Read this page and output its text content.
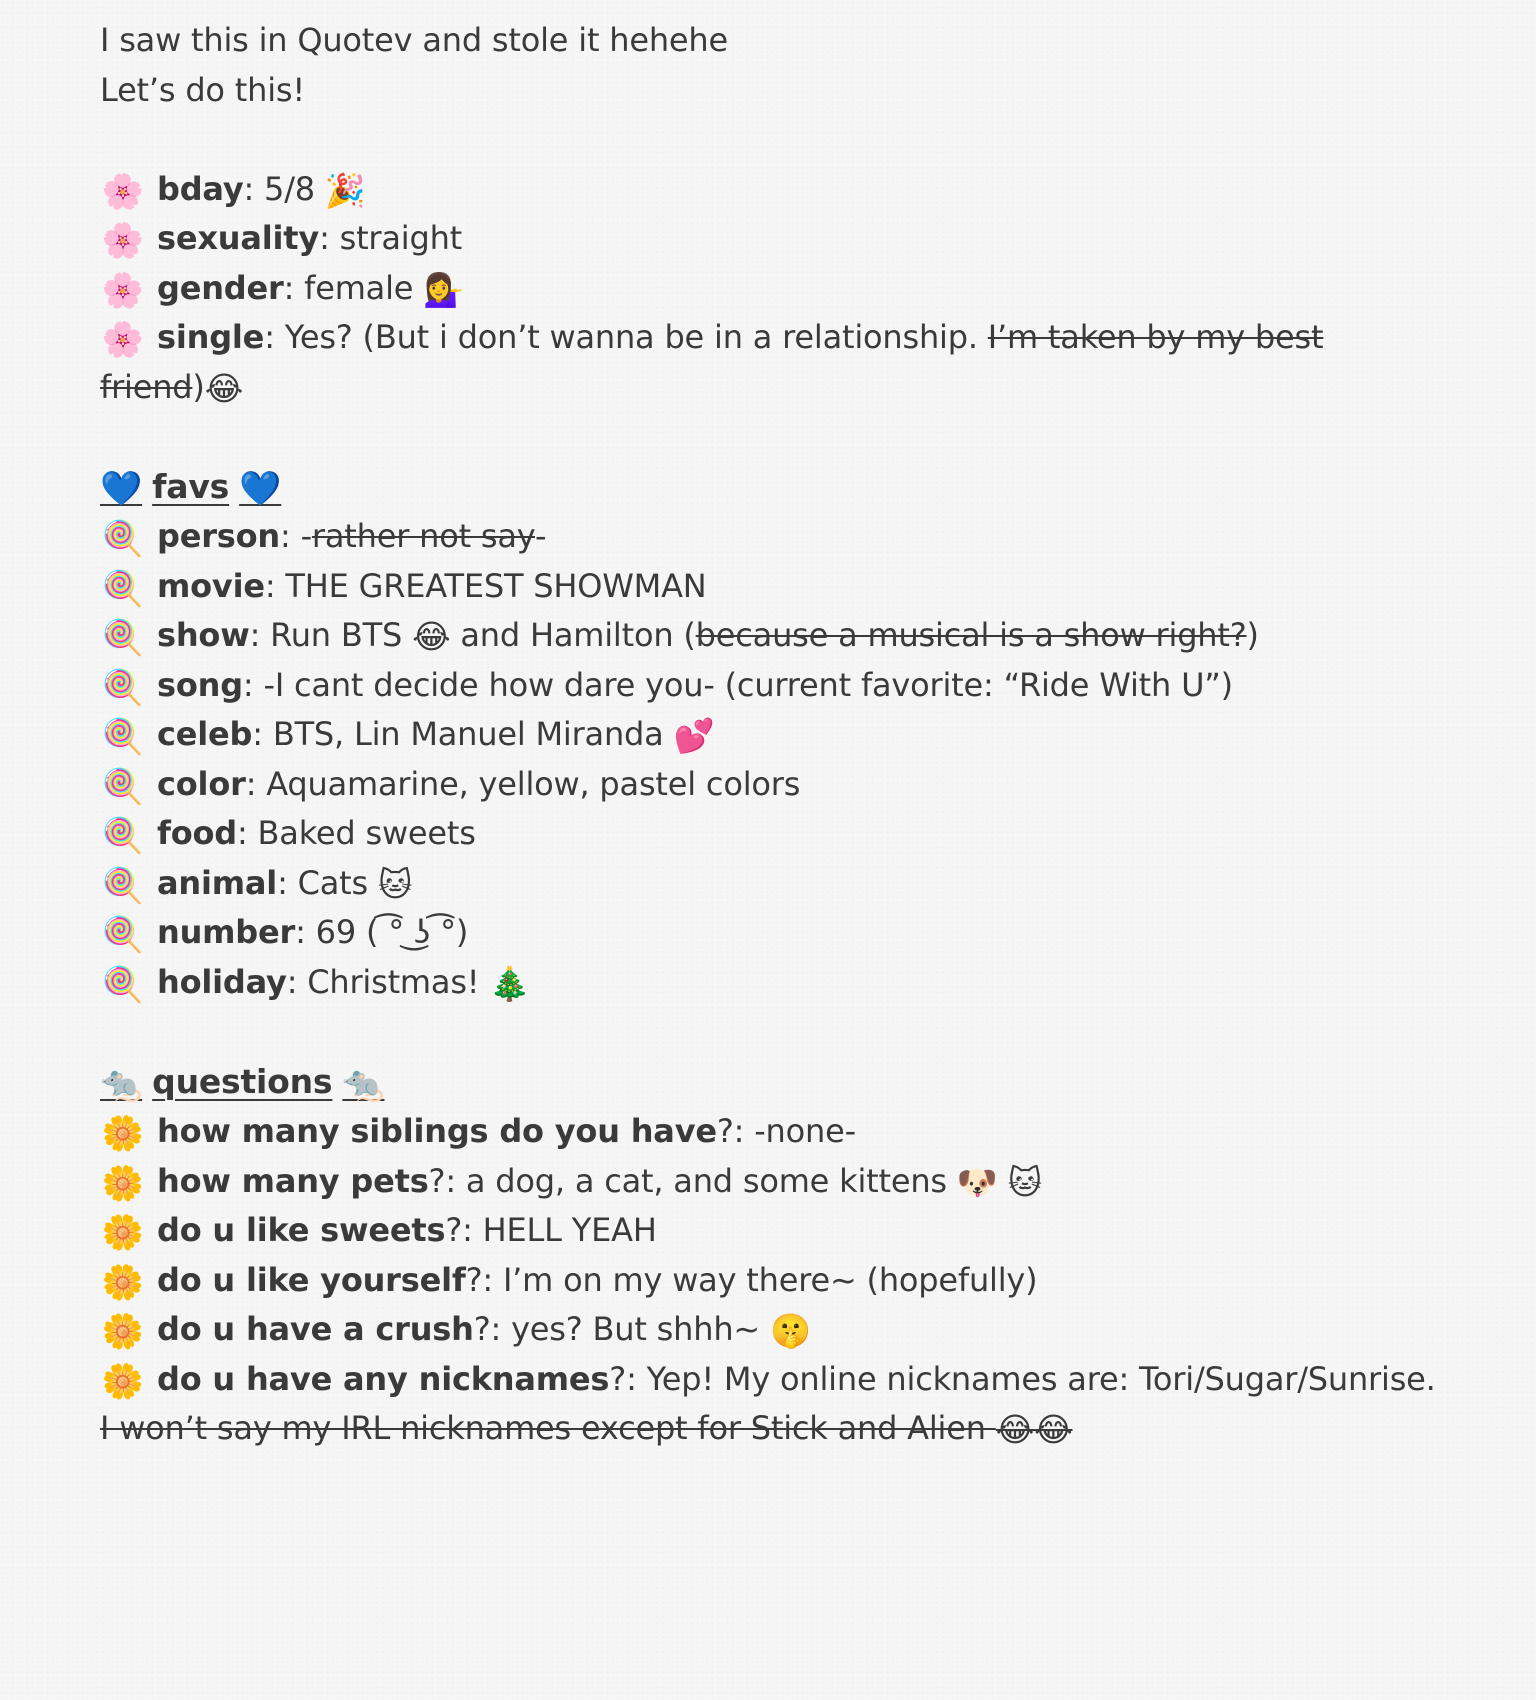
I saw this in Quotev and stole it hehehe
Let’s do this!
🌸 bday: 5/8 🎉
🌸 sexuality: straight
🌸 gender: female 💁‍♀️
🌸 single: Yes? (But i don’t wanna be in a relationship. I’m taken by my best
friend)😂
💙 favs 💙
🍭 person: -rather not say-
🍭 movie: THE GREATEST SHOWMAN
🍭 show: Run BTS 😂 and Hamilton (because a musical is a show right?)
🍭 song: -I cant decide how dare you- (current favorite: “Ride With U”)
🍭 celeb: BTS, Lin Manuel Miranda 💕
🍭 color: Aquamarine, yellow, pastel colors
🍭 food: Baked sweets
🍭 animal: Cats 🐱
🍭 number: 69 ( ͡° ͜ʖ ͡°)
🍭 holiday: Christmas! 🎄
🐀 questions 🐀
🌼 how many siblings do you have?: -none-
🌼 how many pets?: a dog, a cat, and some kittens 🐶 🐱
🌼 do u like sweets?: HELL YEAH
🌼 do u like yourself?: I’m on my way there~ (hopefully)
🌼 do u have a crush?: yes? But shhh~ 🤫
🌼 do u have any nicknames?: Yep! My online nicknames are: Tori/Sugar/Sunrise.
I won’t say my IRL nicknames except for Stick and Alien 😂😂
